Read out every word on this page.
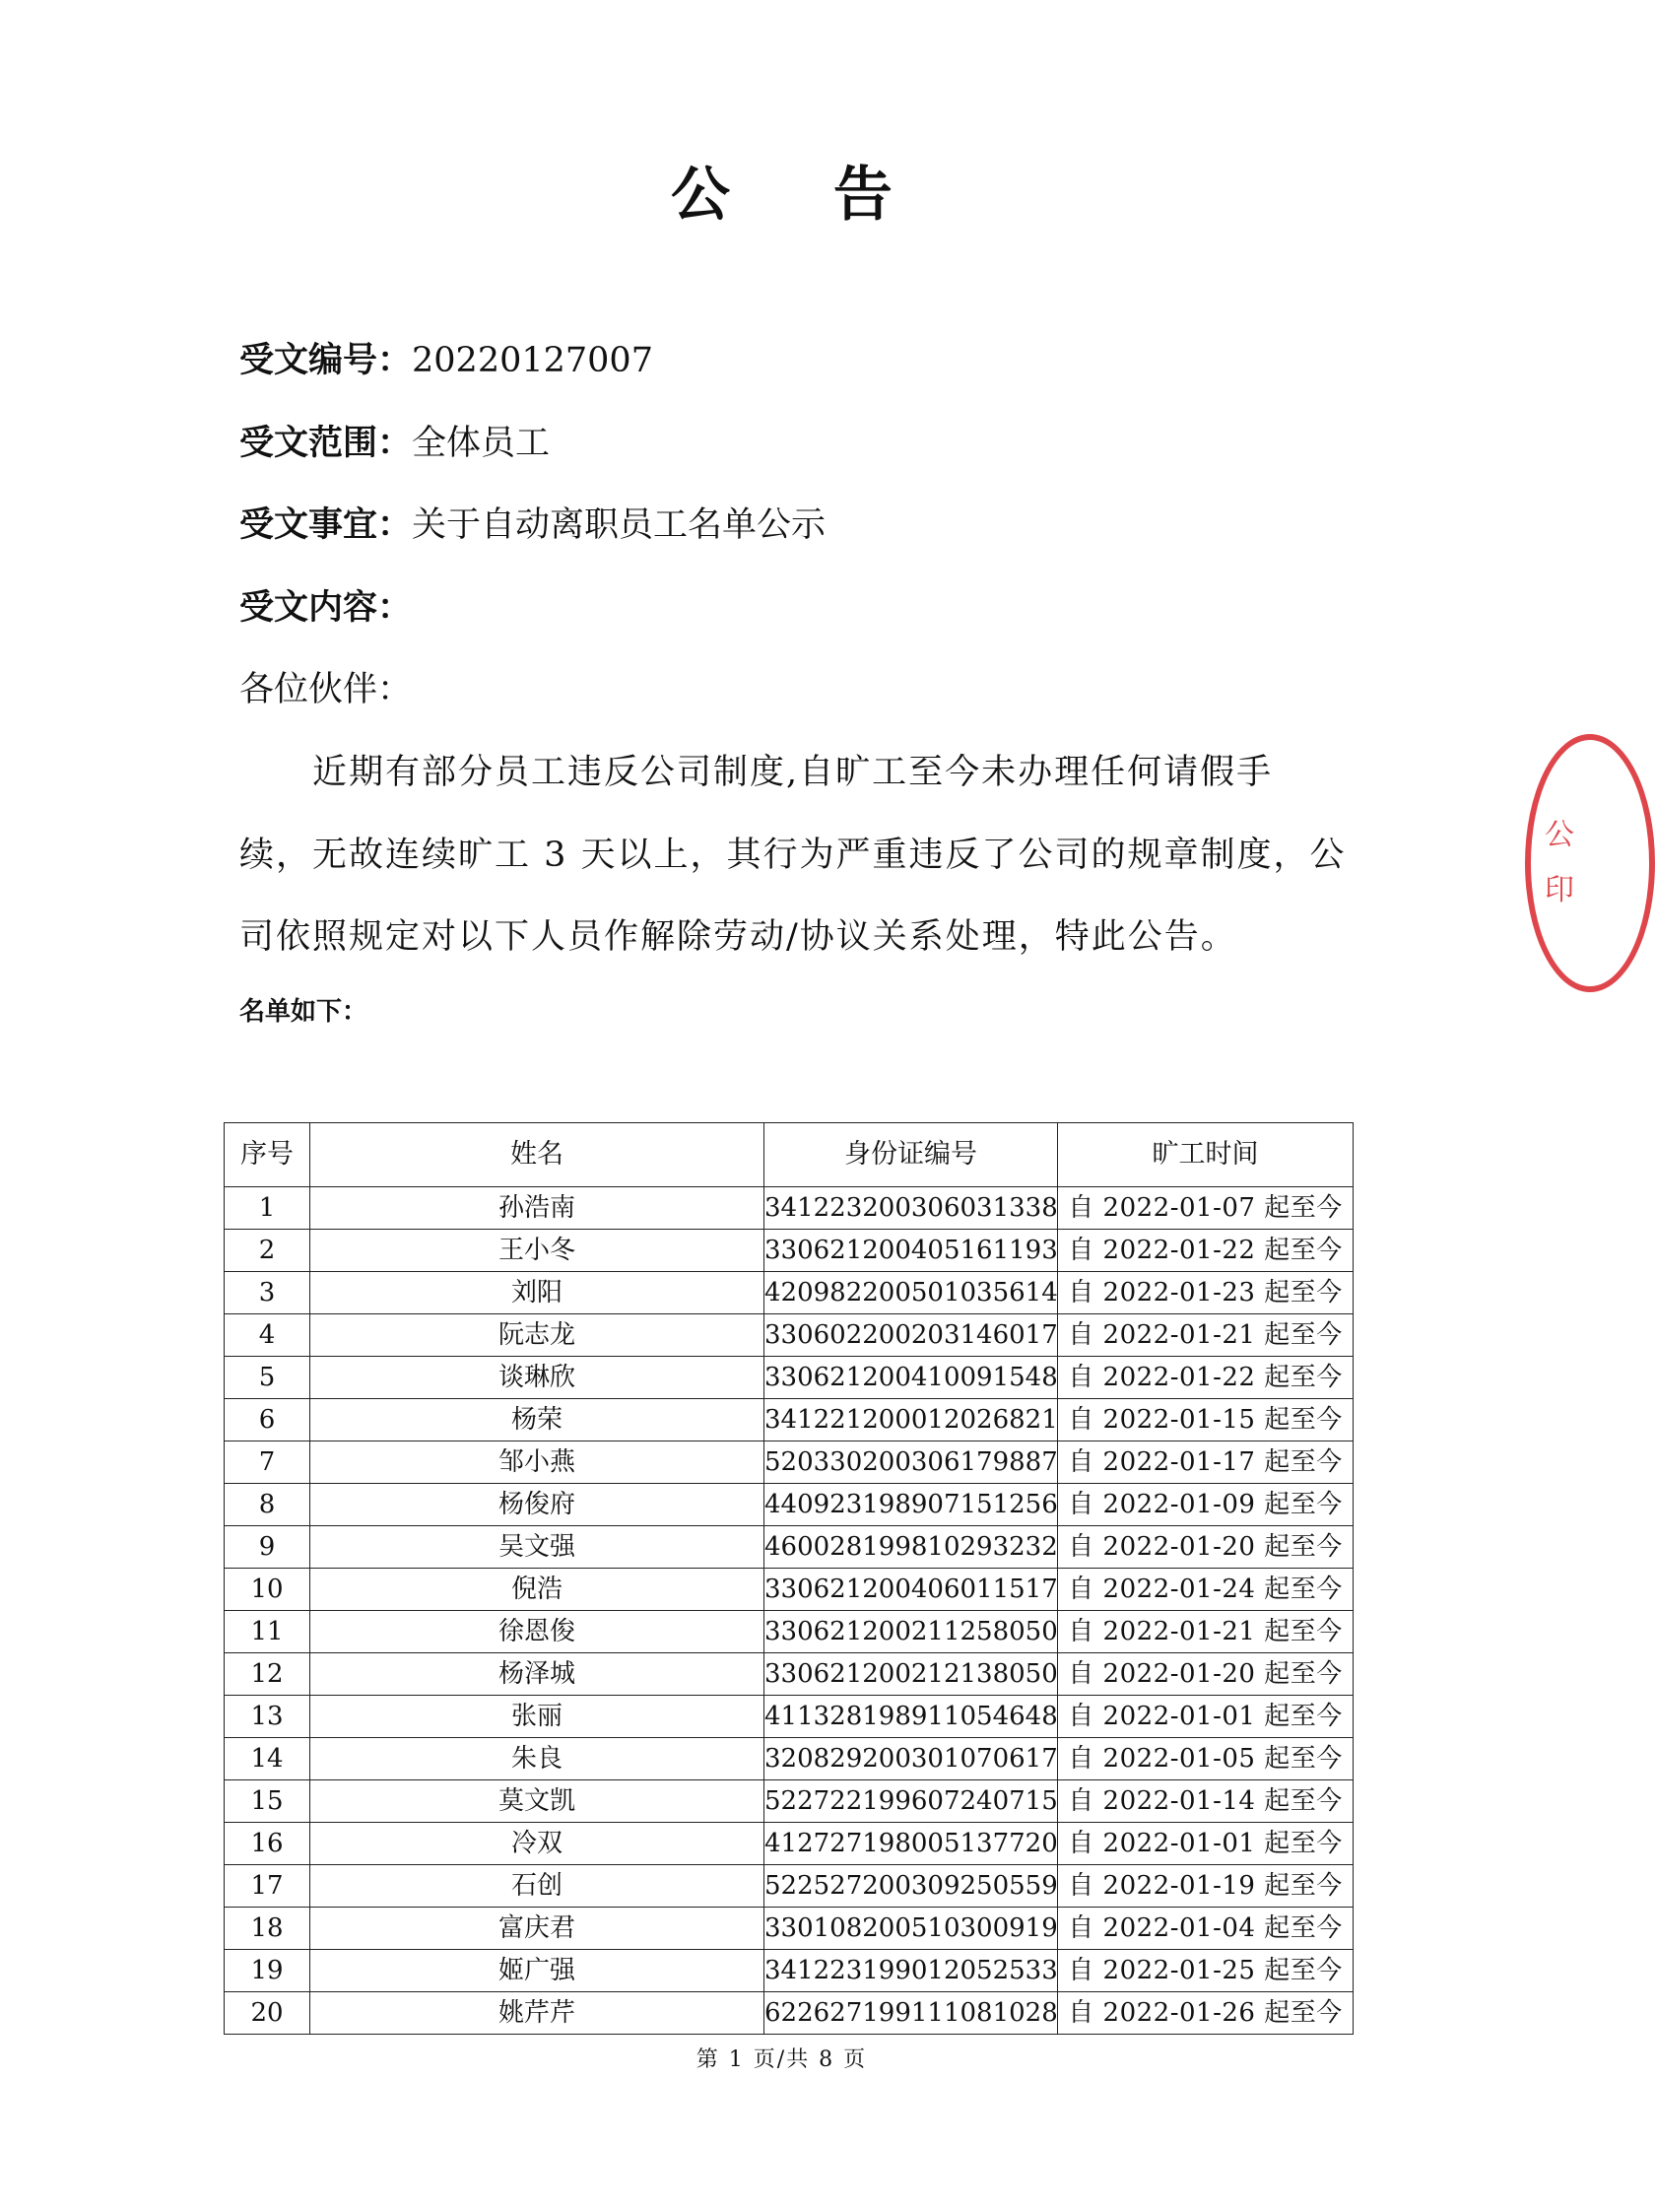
公 告
受文编号：20220127007
受文范围：全体员工
受文事宜：关于自动离职员工名单公示
受文内容：
各位伙伴：
　　近期有部分员工违反公司制度,自旷工至今未办理任何请假手
续，无故连续旷工 3 天以上，其行为严重违反了公司的规章制度，公
司依照规定对以下人员作解除劳动/协议关系处理，特此公告。
名单如下：
序号	姓名	身份证编号	旷工时间
1	孙浩南	341223200306031338	自 2022-01-07 起至今
2	王小冬	330621200405161193	自 2022-01-22 起至今
3	刘阳	420982200501035614	自 2022-01-23 起至今
4	阮志龙	330602200203146017	自 2022-01-21 起至今
5	谈琳欣	330621200410091548	自 2022-01-22 起至今
6	杨荣	341221200012026821	自 2022-01-15 起至今
7	邹小燕	520330200306179887	自 2022-01-17 起至今
8	杨俊府	440923198907151256	自 2022-01-09 起至今
9	吴文强	460028199810293232	自 2022-01-20 起至今
10	倪浩	330621200406011517	自 2022-01-24 起至今
11	徐恩俊	330621200211258050	自 2022-01-21 起至今
12	杨泽城	330621200212138050	自 2022-01-20 起至今
13	张丽	411328198911054648	自 2022-01-01 起至今
14	朱良	320829200301070617	自 2022-01-05 起至今
15	莫文凯	522722199607240715	自 2022-01-14 起至今
16	冷双	412727198005137720	自 2022-01-01 起至今
17	石创	522527200309250559	自 2022-01-19 起至今
18	富庆君	330108200510300919	自 2022-01-04 起至今
19	姬广强	341223199012052533	自 2022-01-25 起至今
20	姚芹芹	622627199111081028	自 2022-01-26 起至今
第 1 页/共 8 页
公
印
